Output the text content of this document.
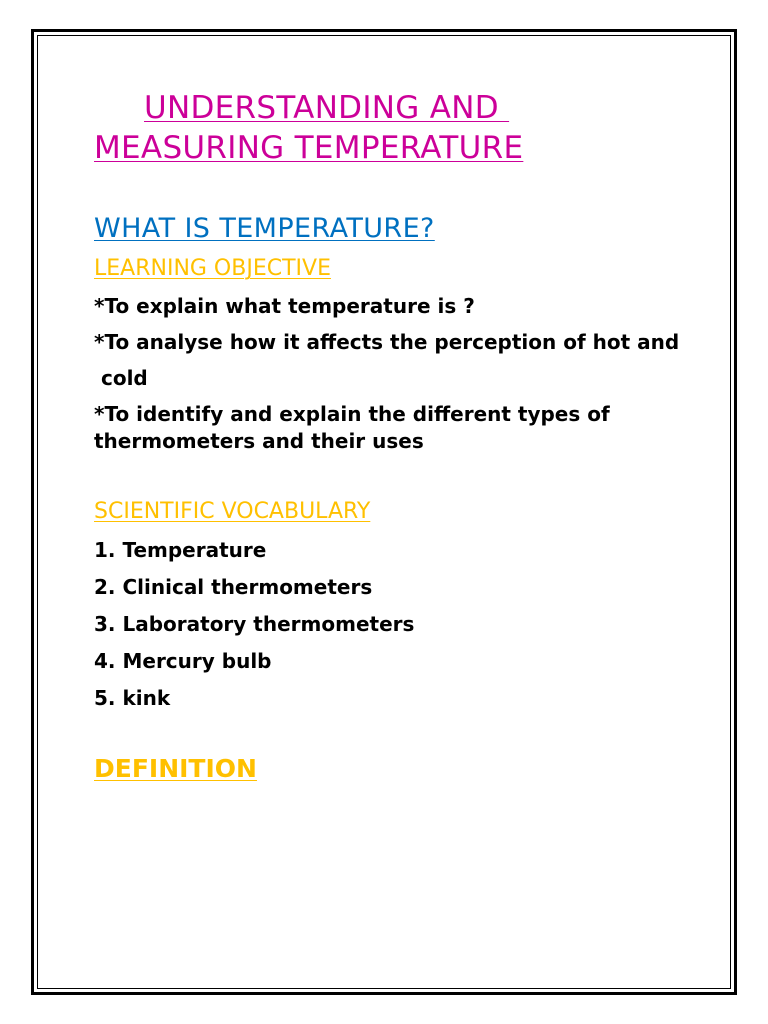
UNDERSTANDING AND
MEASURING TEMPERATURE
WHAT IS TEMPERATURE?
LEARNING OBJECTIVE

*To explain what temperature is ?

*To analyse how it affects the perception of hot and

cold

*To identify and explain the different types of thermometers and their uses

SCIENTIFIC VOCABULARY
1. Temperature
2. Clinical thermometers
3. Laboratory thermometers
4. Mercury bulb
5. kink
DEFINITION
